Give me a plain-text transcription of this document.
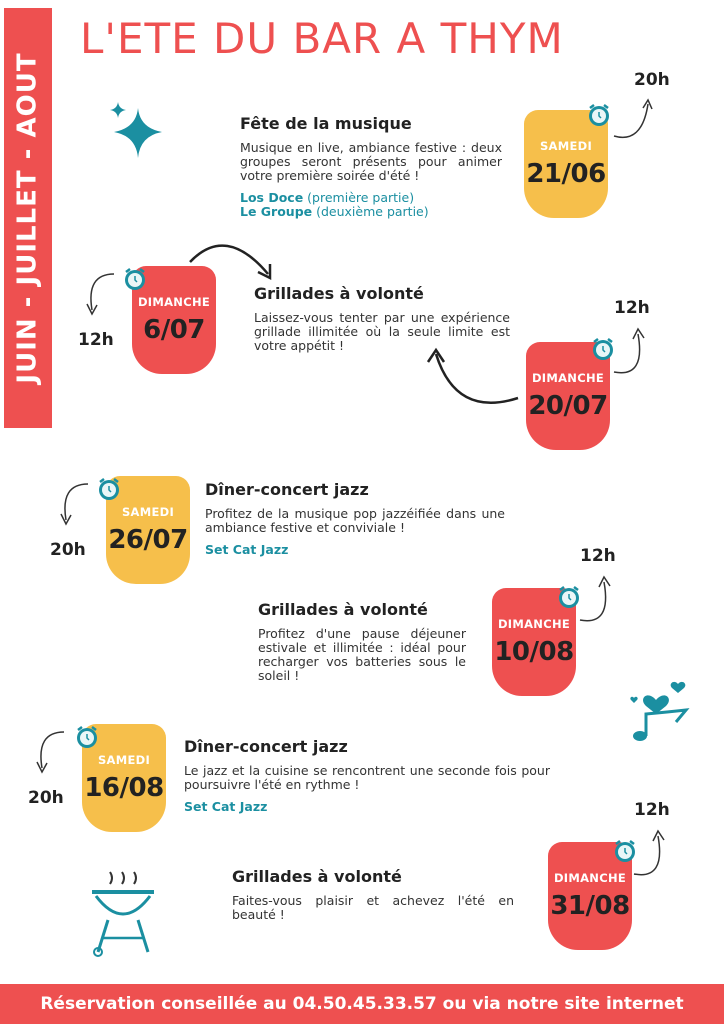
JUIN - JUILLET - AOUT
L'ETE DU BAR A THYM
Fête de la musique

Musique en live, ambiance festive : deux groupes seront présents pour animer votre première soirée d'été !

Los Doce (première partie)
Le Groupe (deuxième partie)
SAMEDI
21/06
20h
Grillades à volonté

Laissez-vous tenter par une expérience grillade illimitée où la seule limite est votre appétit !

DIMANCHE
6/07
12h
DIMANCHE
20/07
12h
Dîner-concert jazz

Profitez de la musique pop jazzéifiée dans une ambiance festive et conviviale !

Set Cat Jazz
SAMEDI
26/07
20h
Grillades à volonté

Profitez d'une pause déjeuner estivale et illimitée : idéal pour recharger vos batteries sous le soleil !

DIMANCHE
10/08
12h
Dîner-concert jazz

Le jazz et la cuisine se rencontrent une seconde fois pour poursuivre l'été en rythme !

Set Cat Jazz
SAMEDI
16/08
20h
Grillades à volonté

Faites-vous plaisir et achevez l'été en beauté !

DIMANCHE
31/08
12h
Réservation conseillée au 04.50.45.33.57 ou via notre site internet
